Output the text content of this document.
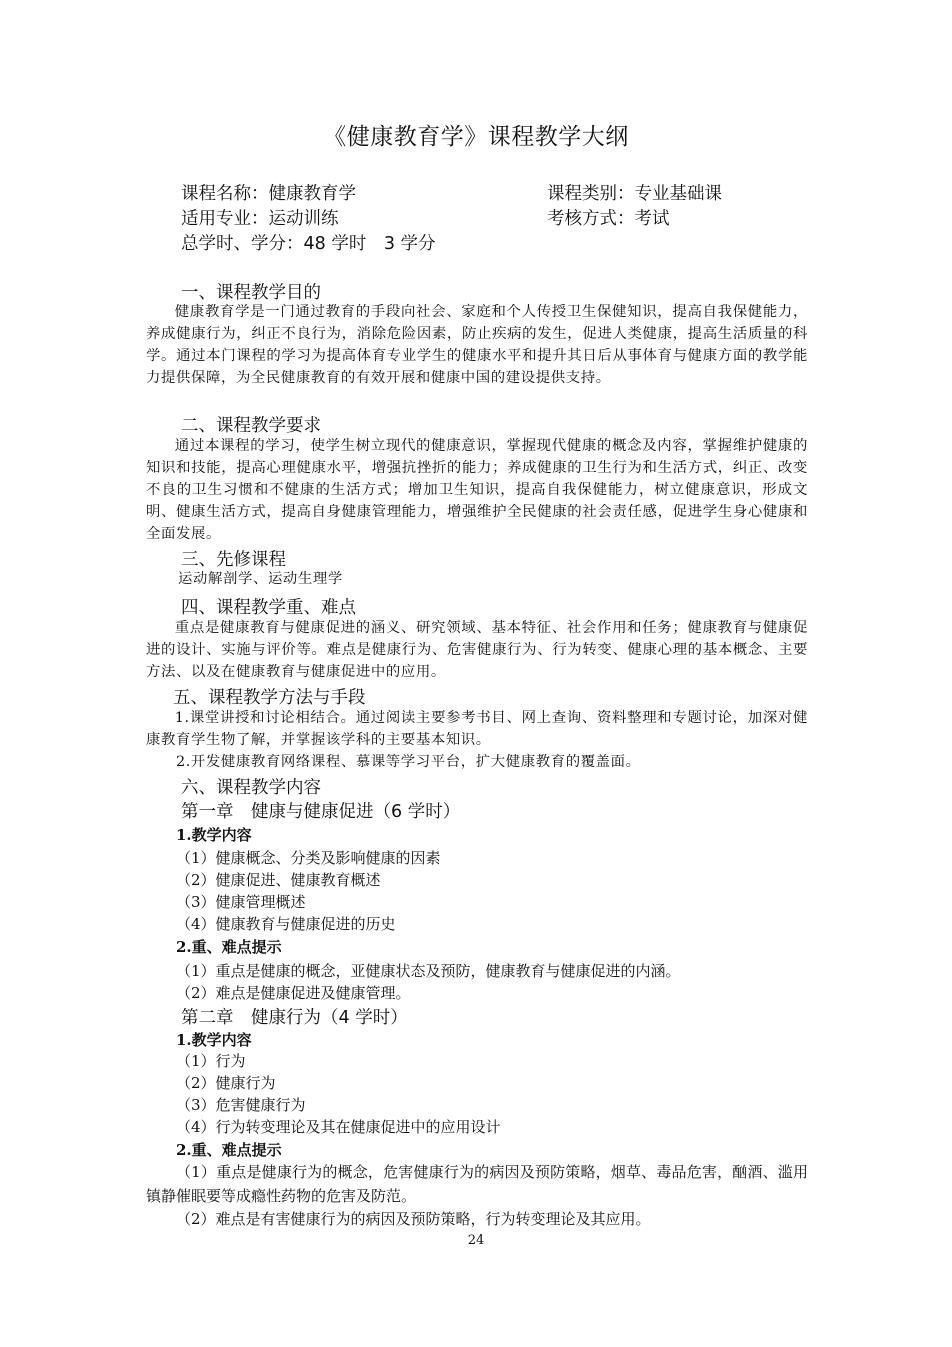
《健康教育学》课程教学大纲
课程名称：健康教育学	课程类别：专业基础课
适用专业：运动训练	考核方式：考试
总学时、学分：48 学时　3 学分
一、课程教学目的
健康教育学是一门通过教育的手段向社会、家庭和个人传授卫生保健知识，提高自我保健能力，养成健康行为，纠正不良行为，消除危险因素，防止疾病的发生，促进人类健康，提高生活质量的科学。通过本门课程的学习为提高体育专业学生的健康水平和提升其日后从事体育与健康方面的教学能力提供保障，为全民健康教育的有效开展和健康中国的建设提供支持。
二、课程教学要求
通过本课程的学习，使学生树立现代的健康意识，掌握现代健康的概念及内容，掌握维护健康的知识和技能，提高心理健康水平，增强抗挫折的能力；养成健康的卫生行为和生活方式，纠正、改变不良的卫生习惯和不健康的生活方式；增加卫生知识，提高自我保健能力，树立健康意识，形成文明、健康生活方式，提高自身健康管理能力，增强维护全民健康的社会责任感，促进学生身心健康和全面发展。
三、先修课程
运动解剖学、运动生理学
四、课程教学重、难点
重点是健康教育与健康促进的涵义、研究领域、基本特征、社会作用和任务；健康教育与健康促进的设计、实施与评价等。难点是健康行为、危害健康行为、行为转变、健康心理的基本概念、主要方法、以及在健康教育与健康促进中的应用。
五、课程教学方法与手段
1.课堂讲授和讨论相结合。通过阅读主要参考书目、网上查询、资料整理和专题讨论，加深对健康教育学生物了解，并掌握该学科的主要基本知识。
2.开发健康教育网络课程、慕课等学习平台，扩大健康教育的覆盖面。
六、课程教学内容
第一章　健康与健康促进（6 学时）
1.教学内容
（1）健康概念、分类及影响健康的因素
（2）健康促进、健康教育概述
（3）健康管理概述
（4）健康教育与健康促进的历史
2.重、难点提示
（1）重点是健康的概念，亚健康状态及预防，健康教育与健康促进的内涵。
（2）难点是健康促进及健康管理。
第二章　健康行为（4 学时）
1.教学内容
（1）行为
（2）健康行为
（3）危害健康行为
（4）行为转变理论及其在健康促进中的应用设计
2.重、难点提示
（1）重点是健康行为的概念，危害健康行为的病因及预防策略，烟草、毒品危害，酗酒、滥用镇静催眠要等成瘾性药物的危害及防范。
（2）难点是有害健康行为的病因及预防策略，行为转变理论及其应用。
24
